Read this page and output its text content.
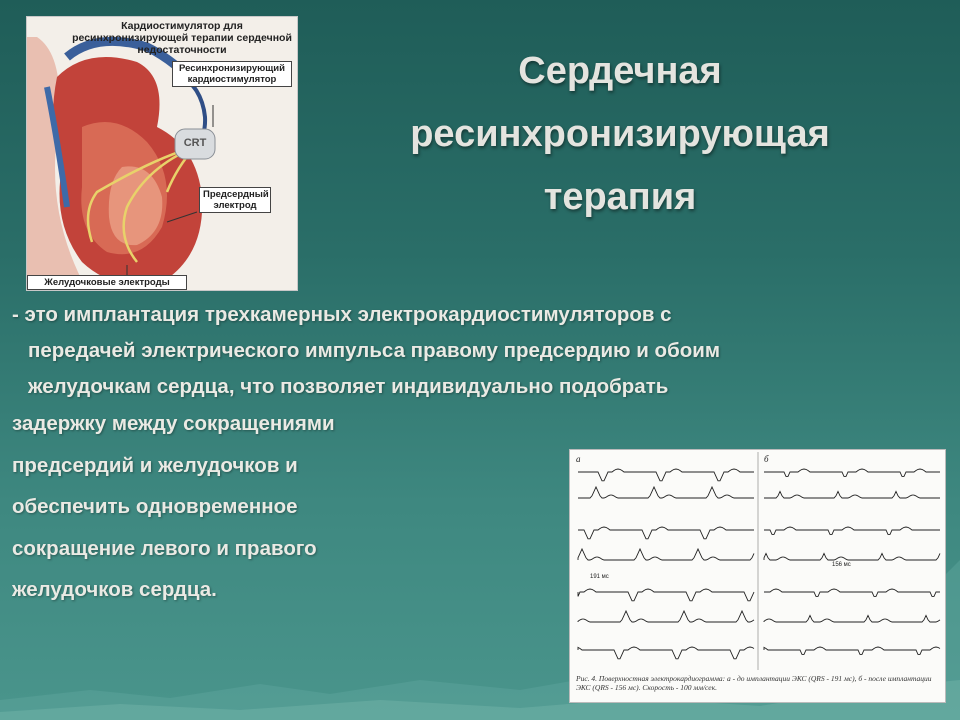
Кардиостимулятор для ресинхронизирующей терапии сердечной недостаточности
Ресинхронизирующий кардиостимулятор
CRT
Предсердный электрод
Желудочковые электроды
Сердечная
ресинхронизирующая
терапия
- это имплантация трехкамерных электрокардиостимуляторов с
передачей электрического импульса правому предсердию и обоим
желудочкам сердца, что позволяет индивидуально подобрать
задержку между сокращениями
предсердий и желудочков и
обеспечить одновременное
сокращение левого и правого
желудочков сердца.
а	б
191 мс
156 мс
Рис. 4. Поверхностная электрокардиограмма: а - до имплантации ЭКС (QRS - 191 мс), б - после имплантации ЭКС (QRS - 156 мс). Скорость - 100 мм/сек.
